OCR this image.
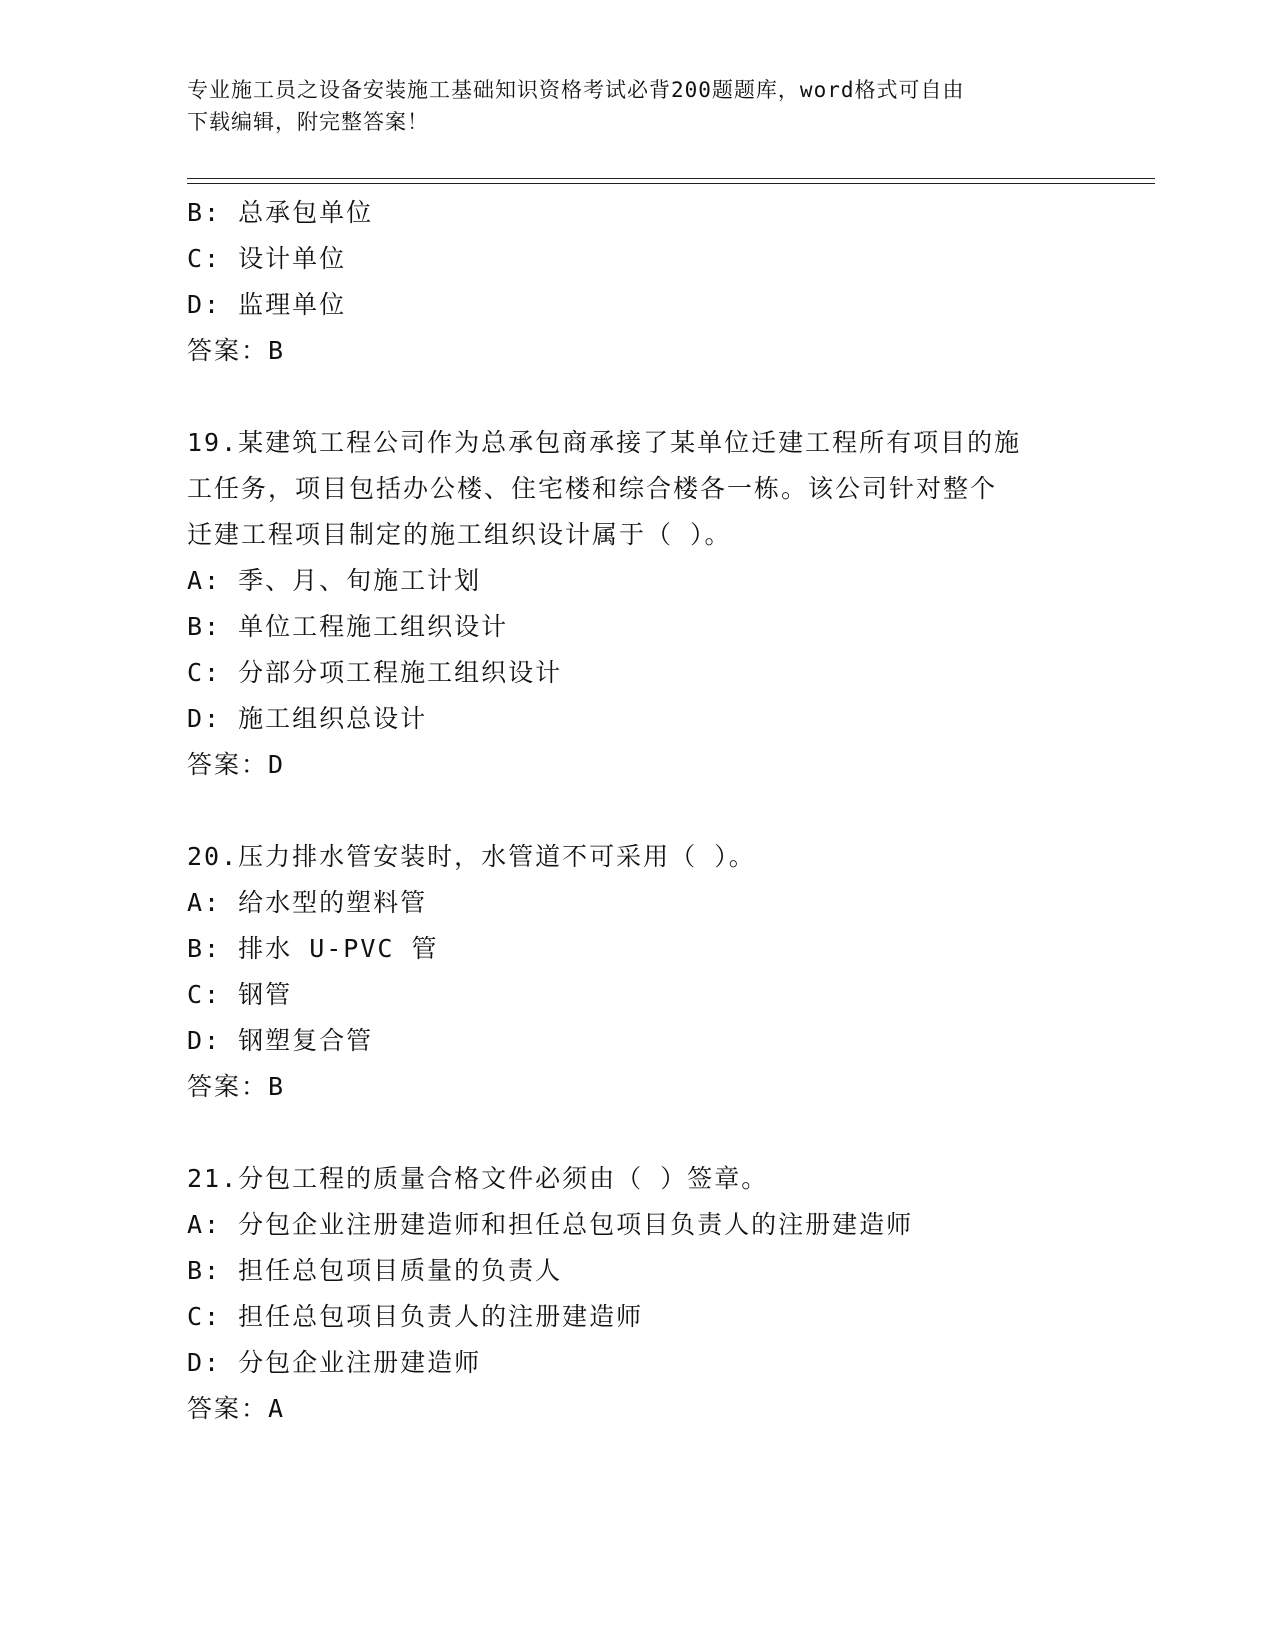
专业施工员之设备安装施工基础知识资格考试必背200题题库，word格式可自由
下载编辑，附完整答案！
B: 总承包单位
C: 设计单位
D: 监理单位
答案：B
19.某建筑工程公司作为总承包商承接了某单位迁建工程所有项目的施
工任务，项目包括办公楼、住宅楼和综合楼各一栋。该公司针对整个
迁建工程项目制定的施工组织设计属于（ ）。
A: 季、月、旬施工计划
B: 单位工程施工组织设计
C: 分部分项工程施工组织设计
D: 施工组织总设计
答案：D
20.压力排水管安装时，水管道不可采用（ ）。
A: 给水型的塑料管
B: 排水 U-PVC 管
C: 钢管
D: 钢塑复合管
答案：B
21.分包工程的质量合格文件必须由（ ）签章。
A: 分包企业注册建造师和担任总包项目负责人的注册建造师
B: 担任总包项目质量的负责人
C: 担任总包项目负责人的注册建造师
D: 分包企业注册建造师
答案：A
